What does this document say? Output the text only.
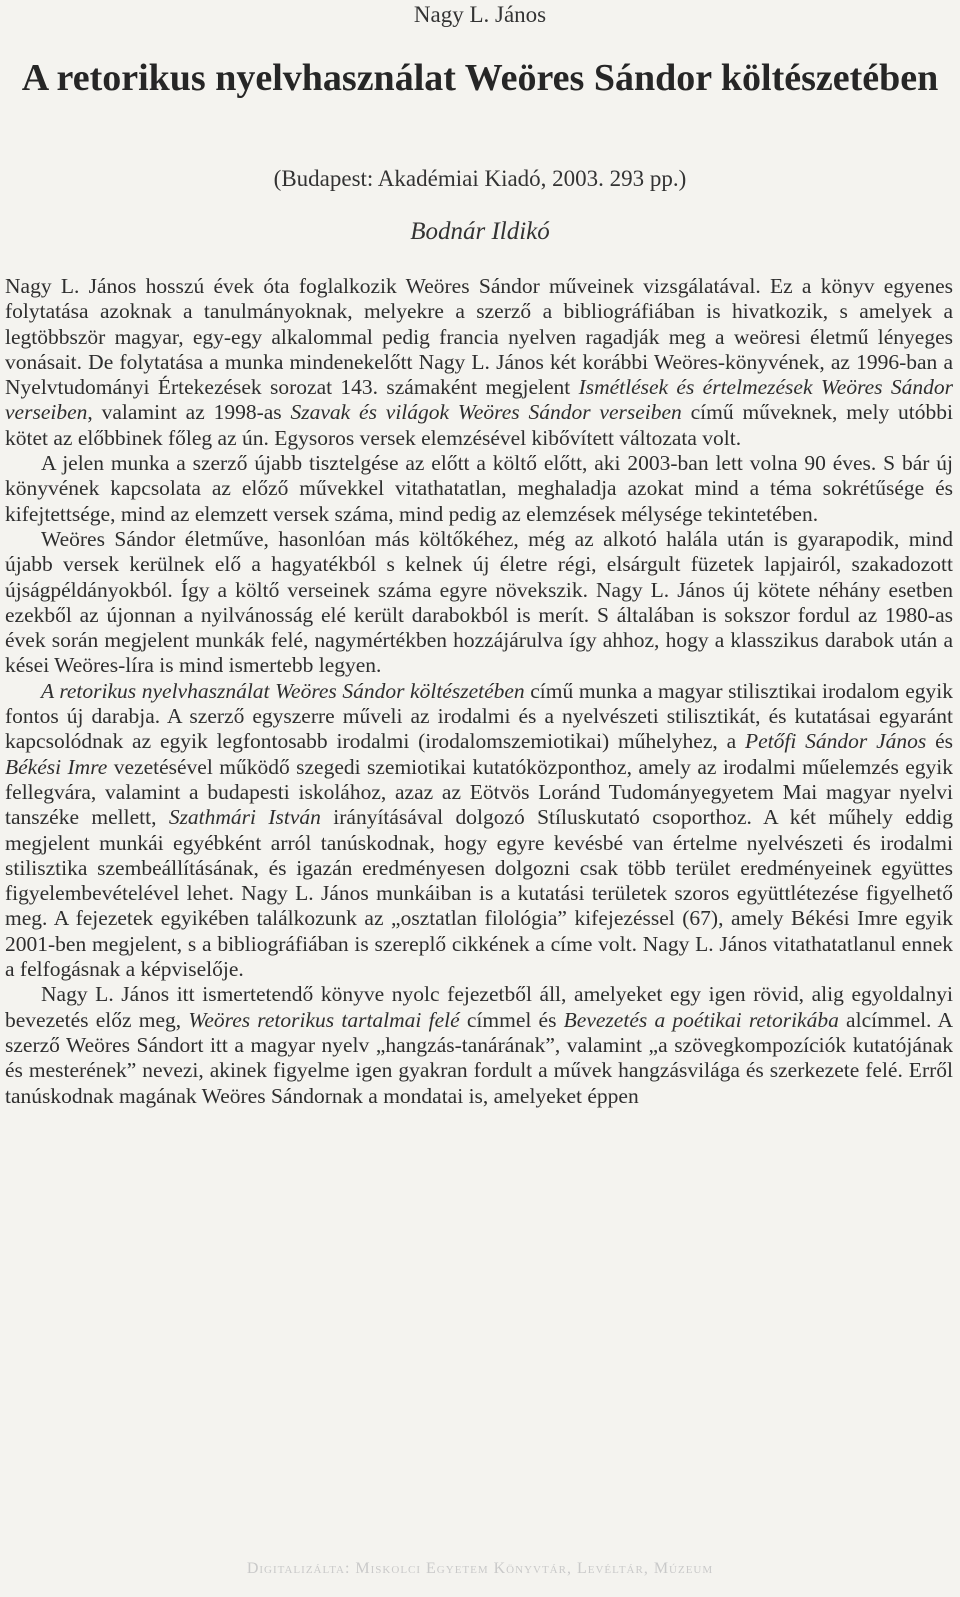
Nagy L. János
A retorikus nyelvhasználat Weöres Sándor költészetében
(Budapest: Akadémiai Kiadó, 2003. 293 pp.)
Bodnár Ildikó

Nagy L. János hosszú évek óta foglalkozik Weöres Sándor műveinek vizsgálatával. Ez a könyv egyenes folytatása azoknak a tanulmányoknak, melyekre a szerző a bibliográfiában is hivatkozik, s amelyek a legtöbbször magyar, egy-egy alkalommal pedig francia nyelven ragadják meg a weöresi életmű lényeges vonásait. De folytatása a munka mindenekelőtt Nagy L. János két korábbi Weöres-könyvének, az 1996-ban a Nyelvtudományi Értekezések sorozat 143. számaként megjelent Ismétlések és értelmezések Weöres Sándor verseiben, valamint az 1998-as Szavak és világok Weöres Sándor verseiben című műveknek, mely utóbbi kötet az előbbinek főleg az ún. Egysoros versek elemzésével kibővített változata volt.

A jelen munka a szerző újabb tisztelgése az előtt a költő előtt, aki 2003-ban lett volna 90 éves. S bár új könyvének kapcsolata az előző művekkel vitathatatlan, meghaladja azokat mind a téma sokrétűsége és kifejtettsége, mind az elemzett versek száma, mind pedig az elemzések mélysége tekintetében.

Weöres Sándor életműve, hasonlóan más költőkéhez, még az alkotó halála után is gyarapodik, mind újabb versek kerülnek elő a hagyatékból s kelnek új életre régi, elsárgult füzetek lapjairól, szakadozott újságpéldányokból. Így a költő verseinek száma egyre növekszik. Nagy L. János új kötete néhány esetben ezekből az újonnan a nyilvánosság elé került darabokból is merít. S általában is sokszor fordul az 1980-as évek során megjelent munkák felé, nagymértékben hozzájárulva így ahhoz, hogy a klasszikus darabok után a kései Weöres-líra is mind ismertebb legyen.

A retorikus nyelvhasználat Weöres Sándor költészetében című munka a magyar stilisztikai irodalom egyik fontos új darabja. A szerző egyszerre műveli az irodalmi és a nyelvészeti stilisztikát, és kutatásai egyaránt kapcsolódnak az egyik legfontosabb irodalmi (irodalomszemiotikai) műhelyhez, a Petőfi Sándor János és Békési Imre vezetésével működő szegedi szemiotikai kutatóközponthoz, amely az irodalmi műelemzés egyik fellegvára, valamint a budapesti iskolához, azaz az Eötvös Loránd Tudományegyetem Mai magyar nyelvi tanszéke mellett, Szathmári István irányításával dolgozó Stíluskutató csoporthoz. A két műhely eddig megjelent munkái egyébként arról tanúskodnak, hogy egyre kevésbé van értelme nyelvészeti és irodalmi stilisztika szembeállításának, és igazán eredményesen dolgozni csak több terület eredményeinek együttes figyelembevételével lehet. Nagy L. János munkáiban is a kutatási területek szoros együttlétezése figyelhető meg. A fejezetek egyikében találkozunk az „osztatlan filológia” kifejezéssel (67), amely Békési Imre egyik 2001-ben megjelent, s a bibliográfiában is szereplő cikkének a címe volt. Nagy L. János vitathatatlanul ennek a felfogásnak a képviselője.

Nagy L. János itt ismertetendő könyve nyolc fejezetből áll, amelyeket egy igen rövid, alig egyoldalnyi bevezetés előz meg, Weöres retorikus tartalmai felé címmel és Bevezetés a poétikai retorikába alcímmel. A szerző Weöres Sándort itt a magyar nyelv „hangzás-tanárának”, valamint „a szövegkompozíciók kutatójának és mesterének” nevezi, akinek figyelme igen gyakran fordult a művek hangzásvilága és szerkezete felé. Erről tanúskodnak magának Weöres Sándornak a mondatai is, amelyeket éppen

Digitalizálta: Miskolci Egyetem Könyvtár, Levéltár, Múzeum
